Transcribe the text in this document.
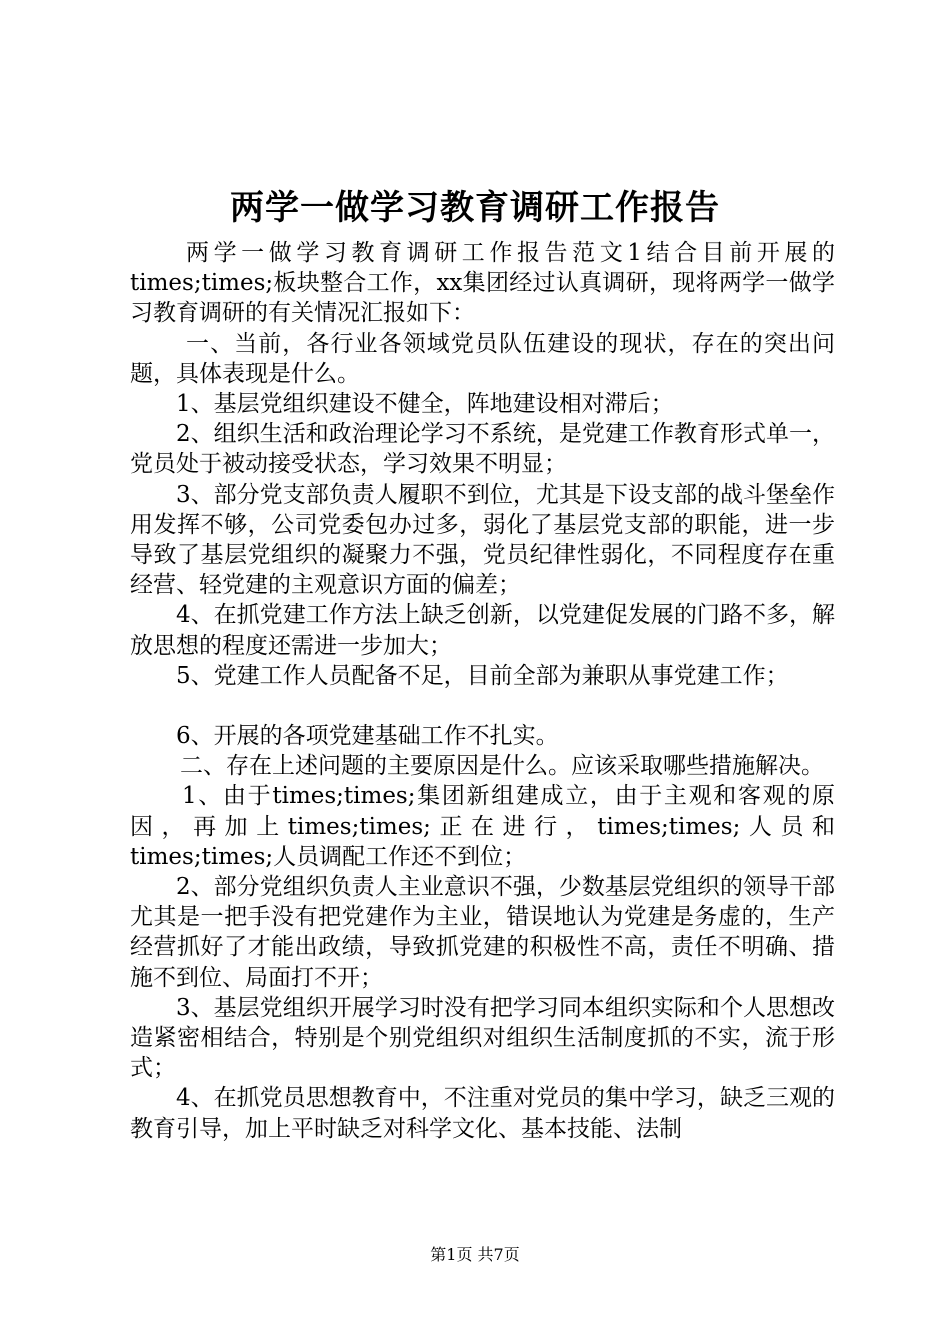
两学一做学习教育调研工作报告

两学一做学习教育调研工作报告范文1结合目前开展的times;times;板块整合工作，xx集团经过认真调研，现将两学一做学习教育调研的有关情况汇报如下：

一、当前，各行业各领域党员队伍建设的现状，存在的突出问题，具体表现是什么。

1、基层党组织建设不健全，阵地建设相对滞后；

2、组织生活和政治理论学习不系统，是党建工作教育形式单一，党员处于被动接受状态，学习效果不明显；

3、部分党支部负责人履职不到位，尤其是下设支部的战斗堡垒作用发挥不够，公司党委包办过多，弱化了基层党支部的职能，进一步导致了基层党组织的凝聚力不强，党员纪律性弱化，不同程度存在重经营、轻党建的主观意识方面的偏差；

4、在抓党建工作方法上缺乏创新，以党建促发展的门路不多，解放思想的程度还需进一步加大；

5、党建工作人员配备不足，目前全部为兼职从事党建工作；

6、开展的各项党建基础工作不扎实。

二、存在上述问题的主要原因是什么。应该采取哪些措施解决。

1、由于times;times;集团新组建成立，由于主观和客观的原因，再加上times;times;正在进行，times;times;人员和times;times;人员调配工作还不到位；

2、部分党组织负责人主业意识不强，少数基层党组织的领导干部尤其是一把手没有把党建作为主业，错误地认为党建是务虚的，生产经营抓好了才能出政绩，导致抓党建的积极性不高，责任不明确、措施不到位、局面打不开；

3、基层党组织开展学习时没有把学习同本组织实际和个人思想改造紧密相结合，特别是个别党组织对组织生活制度抓的不实，流于形式；

4、在抓党员思想教育中，不注重对党员的集中学习，缺乏三观的教育引导，加上平时缺乏对科学文化、基本技能、法制

第1页 共7页
